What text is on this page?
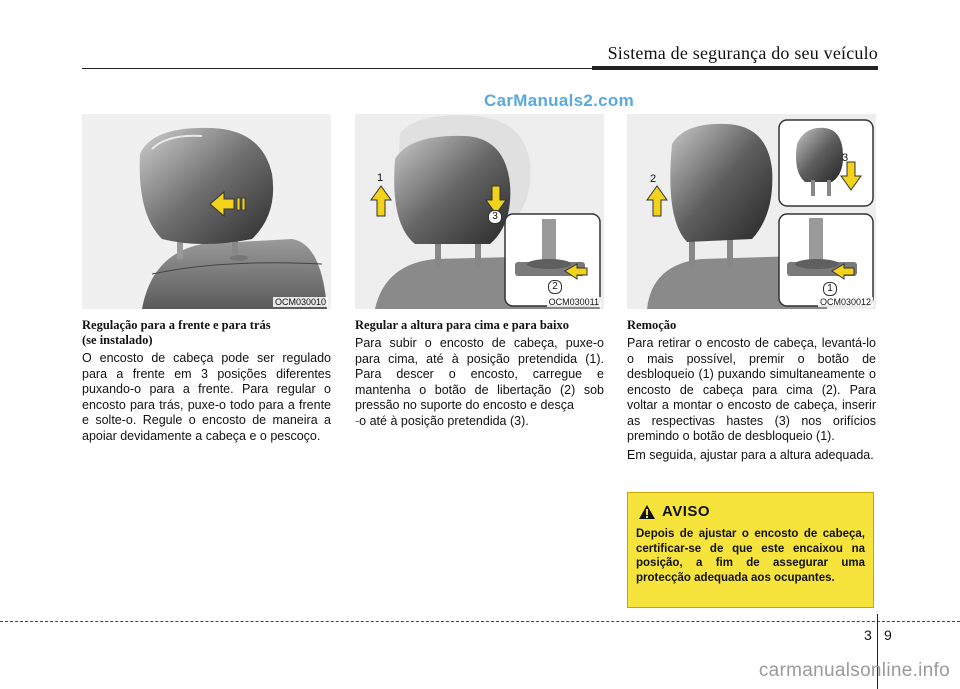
Sistema de segurança do seu veículo
CarManuals2.com
OCM030010
1
3
2
OCM030011
2
3
1
OCM030012
Regulação para a frente e para trás
(se instalado)

O encosto de cabeça pode ser regulado para a frente em 3 posições diferentes puxando-o para a frente. Para regular o encosto para trás, puxe-o todo para a frente e solte-o. Regule o encosto de maneira a apoiar devidamente a cabeça e o pescoço.

Regular a altura para cima e para baixo

Para subir o encosto de cabeça, puxe-o para cima, até à posição pretendida (1). Para descer o encosto, carregue e mantenha o botão de libertação (2) sob pressão no suporte do encosto e desça
-o até à posição pretendida (3).

Remoção

Para retirar o encosto de cabeça, levantá-lo o mais possível, premir o botão de desbloqueio (1) puxando simultaneamente o encosto de cabeça para cima (2). Para voltar a montar o encosto de cabeça, inserir as respectivas hastes (3) nos orifícios premindo o botão de desbloqueio (1).

Em seguida, ajustar para a altura adequada.

AVISO
Depois de ajustar o encosto de cabeça, certificar-se de que este encaixou na posição, a fim de assegurar uma protecção adequada aos ocupantes.
3 9
carmanualsonline.info
